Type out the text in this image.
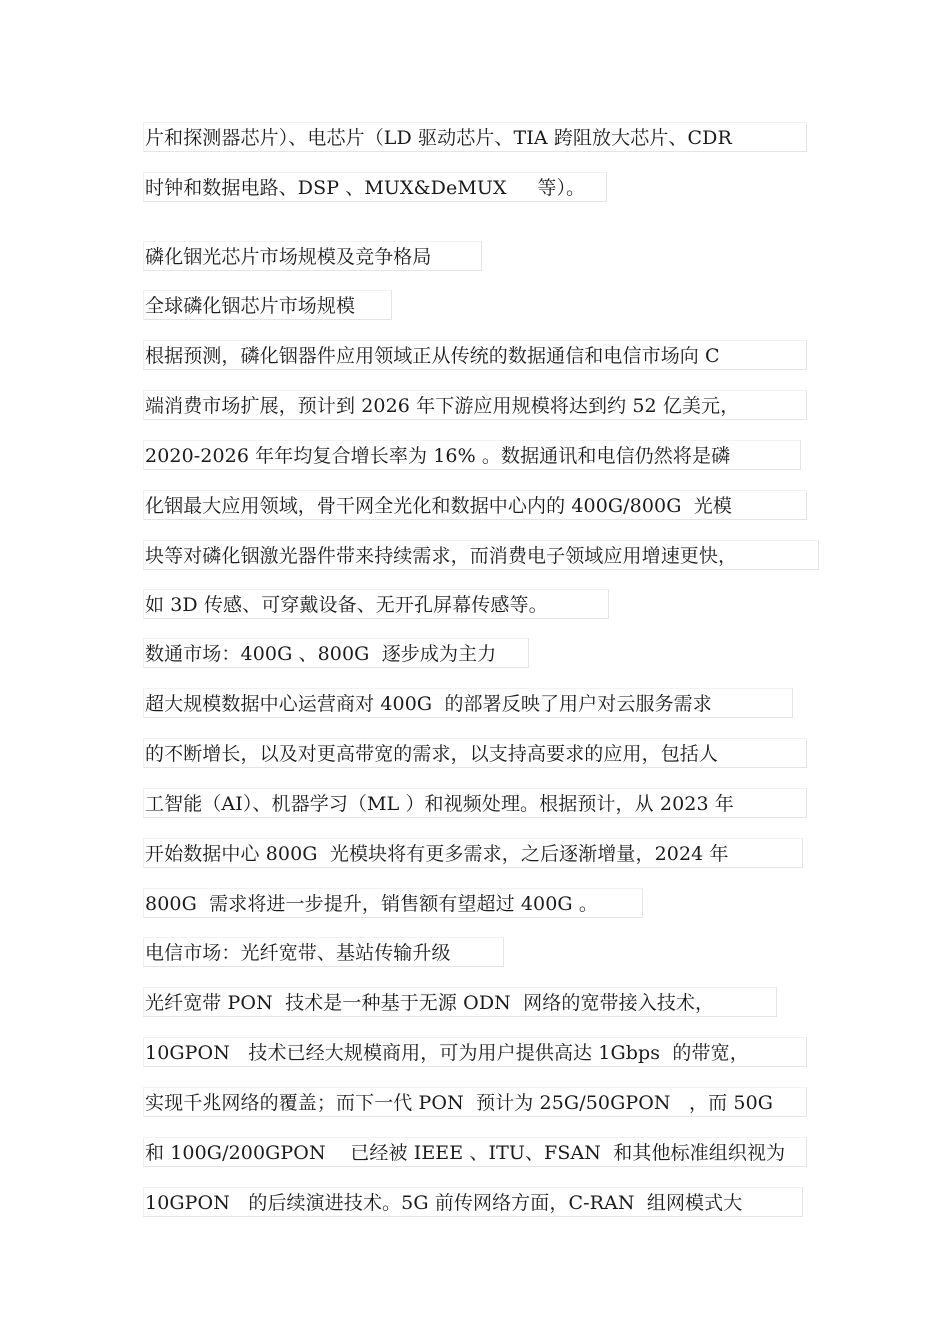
片和探测器芯片）、电芯片（LD 驱动芯片、TIA 跨阻放大芯片、CDR
时钟和数据电路、DSP 、MUX&DeMUX     等）。
磷化铟光芯片市场规模及竞争格局
全球磷化铟芯片市场规模
根据预测，磷化铟器件应用领域正从传统的数据通信和电信市场向 C
端消费市场扩展，预计到 2026 年下游应用规模将达到约 52 亿美元，
2020-2026 年年均复合增长率为 16% 。数据通讯和电信仍然将是磷
化铟最大应用领域，骨干网全光化和数据中心内的 400G/800G  光模
块等对磷化铟激光器件带来持续需求，而消费电子领域应用增速更快，
如 3D 传感、可穿戴设备、无开孔屏幕传感等。
数通市场：400G 、800G  逐步成为主力
超大规模数据中心运营商对 400G  的部署反映了用户对云服务需求
的不断增长，以及对更高带宽的需求，以支持高要求的应用，包括人
工智能（AI）、机器学习（ML ）和视频处理。根据预计，从 2023 年
开始数据中心 800G  光模块将有更多需求，之后逐渐增量，2024 年
800G  需求将进一步提升，销售额有望超过 400G 。
电信市场：光纤宽带、基站传输升级
光纤宽带 PON  技术是一种基于无源 ODN  网络的宽带接入技术，
10GPON   技术已经大规模商用，可为用户提供高达 1Gbps  的带宽，
实现千兆网络的覆盖；而下一代 PON  预计为 25G/50GPON   ，而 50G
和 100G/200GPON    已经被 IEEE 、ITU、FSAN  和其他标准组织视为
10GPON   的后续演进技术。5G 前传网络方面，C-RAN  组网模式大
